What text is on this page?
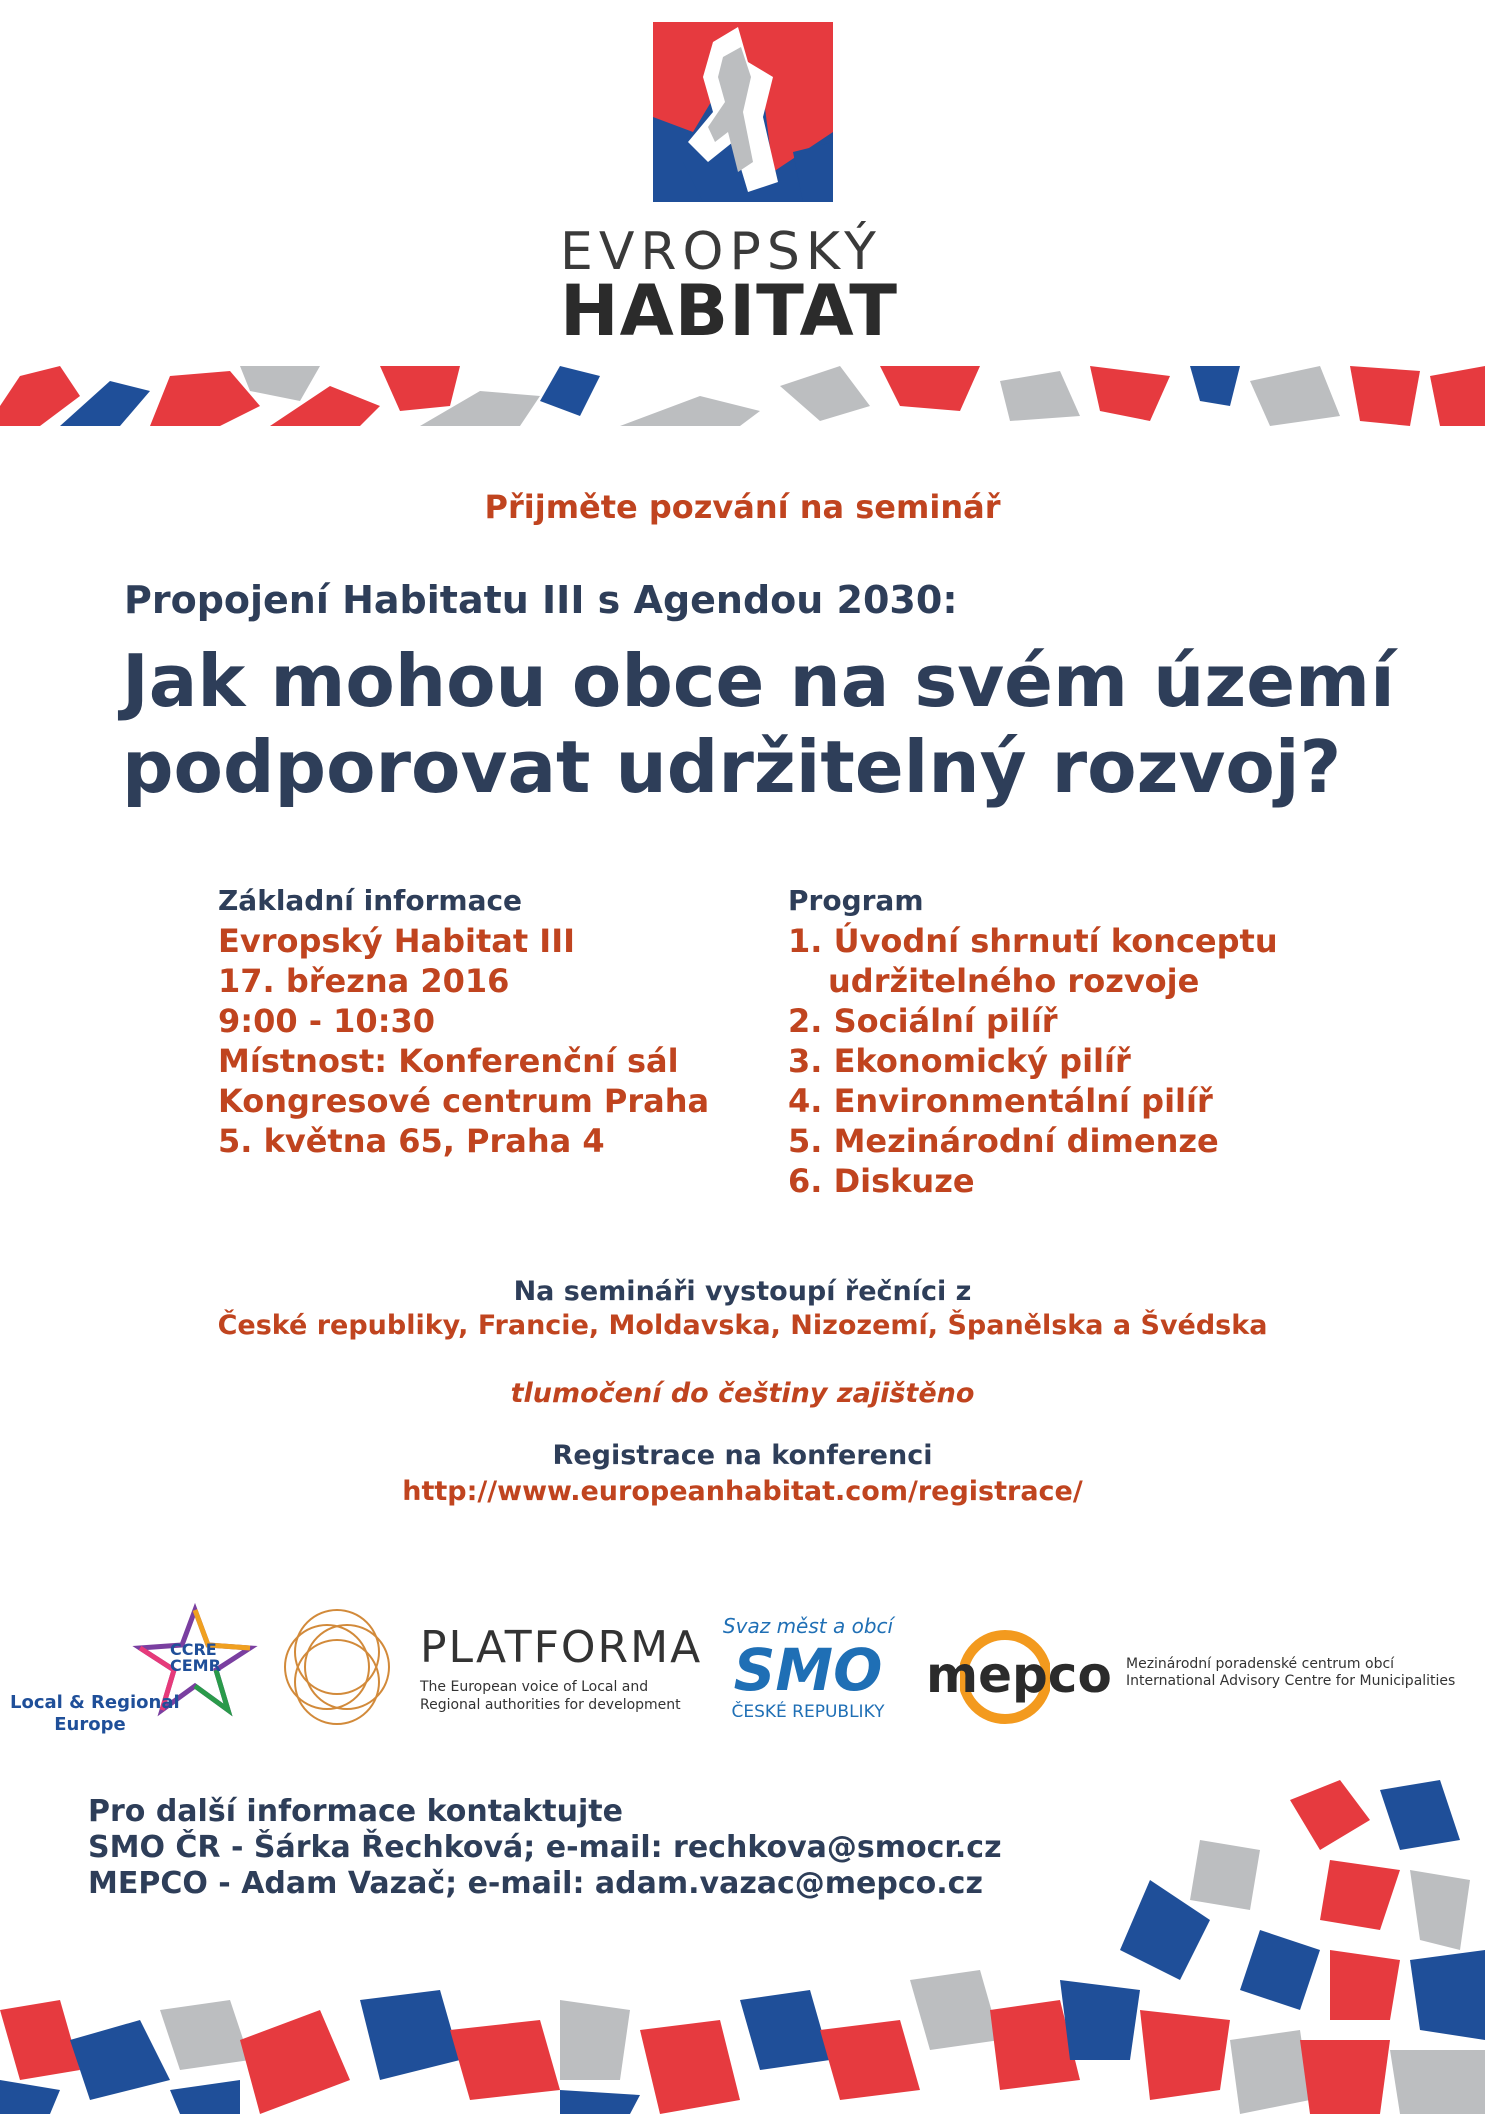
EVROPSKÝ
HABITAT
Přijměte pozvání na seminář
Propojení Habitatu III s Agendou 2030:
Jak mohou obce na svém území
podporovat udržitelný rozvoj?
Základní informace
Evropský Habitat III
17. března 2016
9:00 - 10:30
Místnost: Konferenční sál
Kongresové centrum Praha
5. května 65, Praha 4
Program
1. Úvodní shrnutí konceptu
udržitelného rozvoje
2. Sociální pilíř
3. Ekonomický pilíř
4. Environmentální pilíř
5. Mezinárodní dimenze
6. Diskuze
Na semináři vystoupí řečníci z
České republiky, Francie, Moldavska, Nizozemí, Španělska a Švédska
tlumočení do češtiny zajištěno
Registrace na konferenci
http://www.europeanhabitat.com/registrace/
CCRE
CEMR
Local & Regional
Europe
PLATFORMA
The European voice of Local and
Regional authorities for development
Svaz měst a obcí
SMO
ČESKÉ REPUBLIKY
mepco Mezinárodní poradenské centrum obcí
International Advisory Centre for Municipalities
Pro další informace kontaktujte
SMO ČR - Šárka Řechková; e-mail: rechkova@smocr.cz
MEPCO - Adam Vazač; e-mail: adam.vazac@mepco.cz
